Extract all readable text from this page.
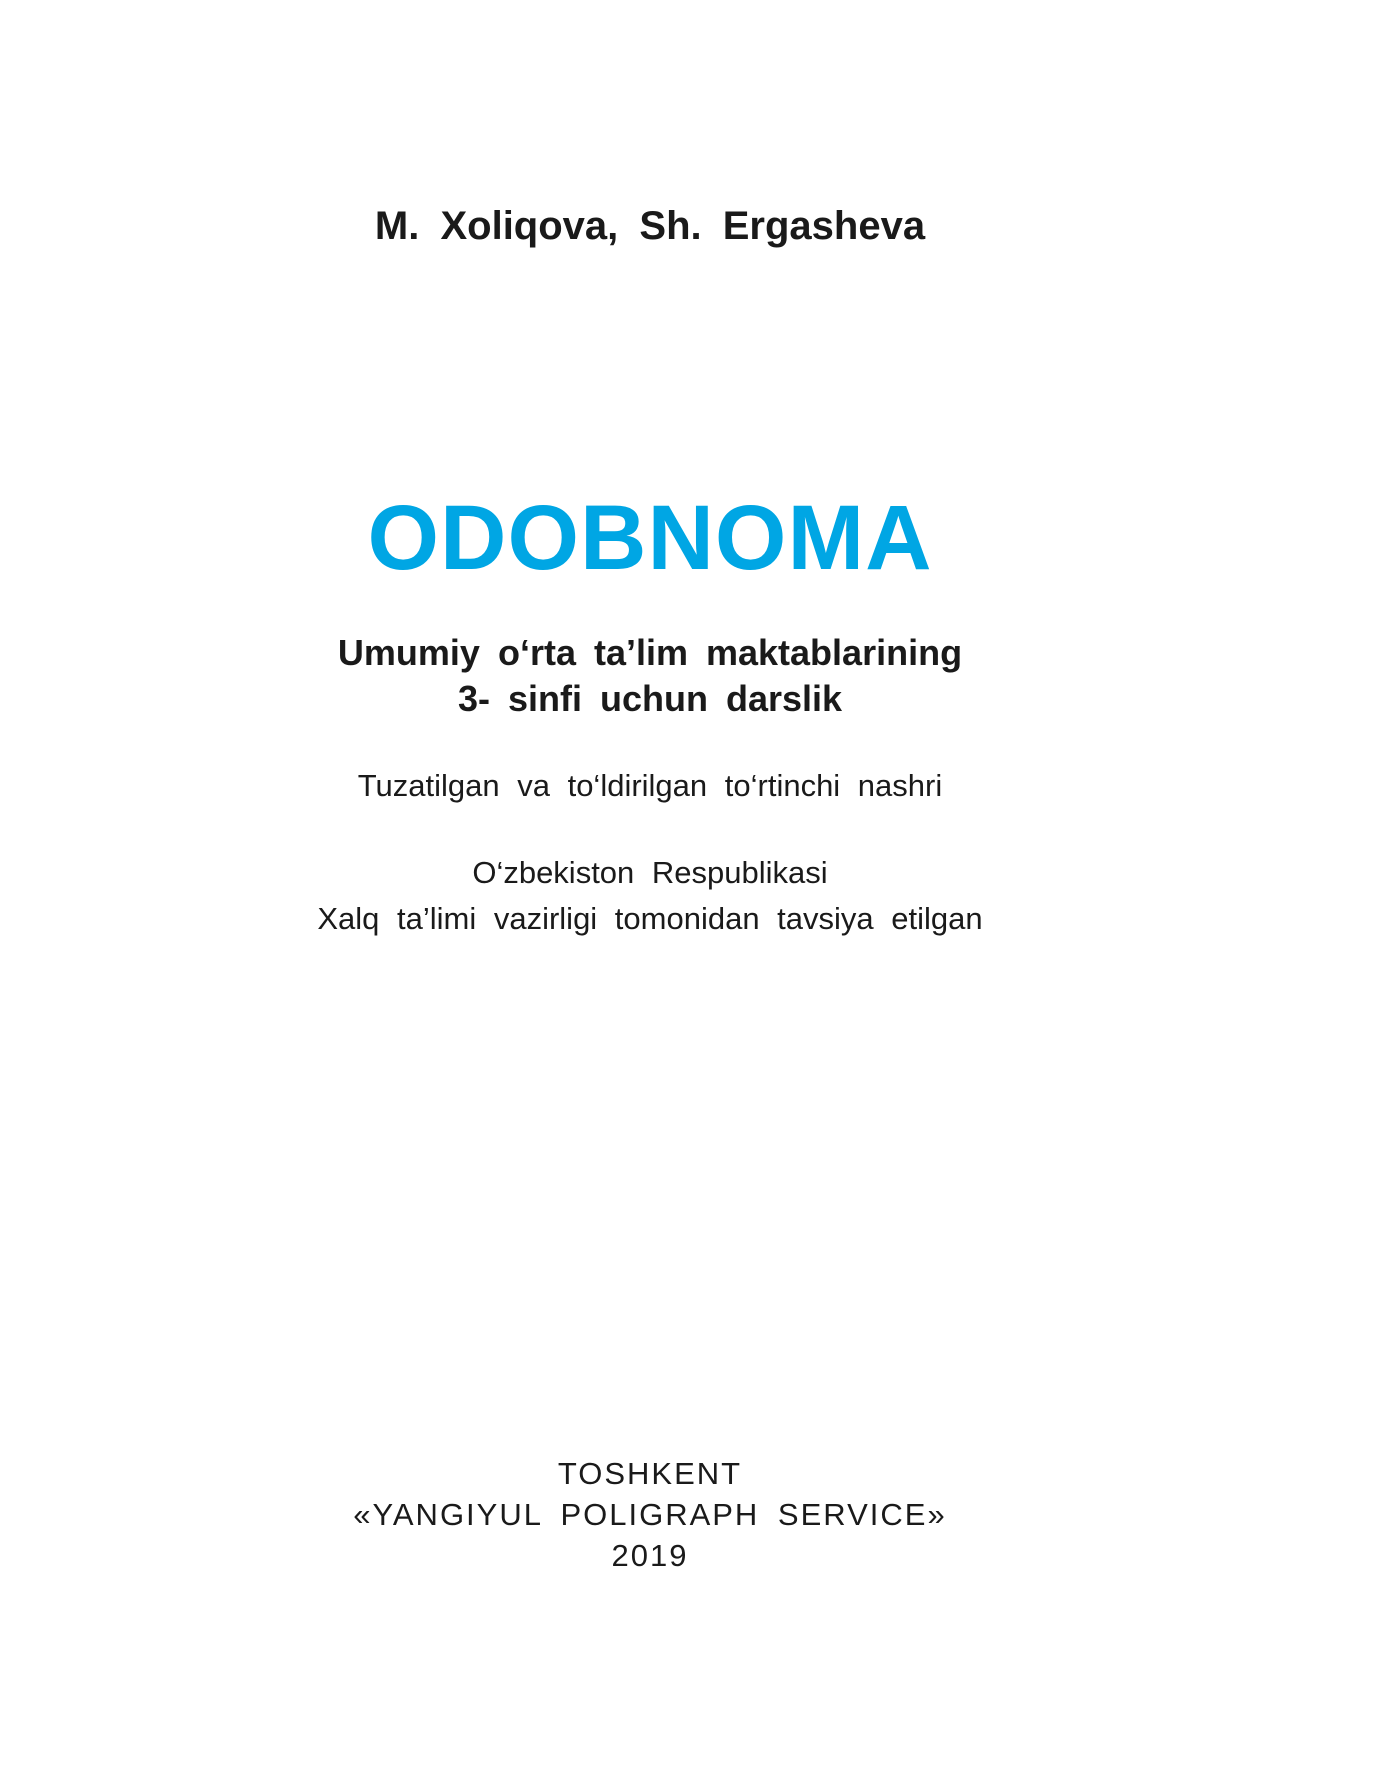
M. Xoliqova, Sh. Ergasheva
ODOBNOMA
Umumiy o‘rta ta’lim maktablarining
3- sinfi uchun darslik
Tuzatilgan va to‘ldirilgan to‘rtinchi nashri
O‘zbekiston Respublikasi
Xalq ta’limi vazirligi tomonidan tavsiya etilgan
TOSHKENT
«YANGIYUL POLIGRAPH SERVICE»
2019
